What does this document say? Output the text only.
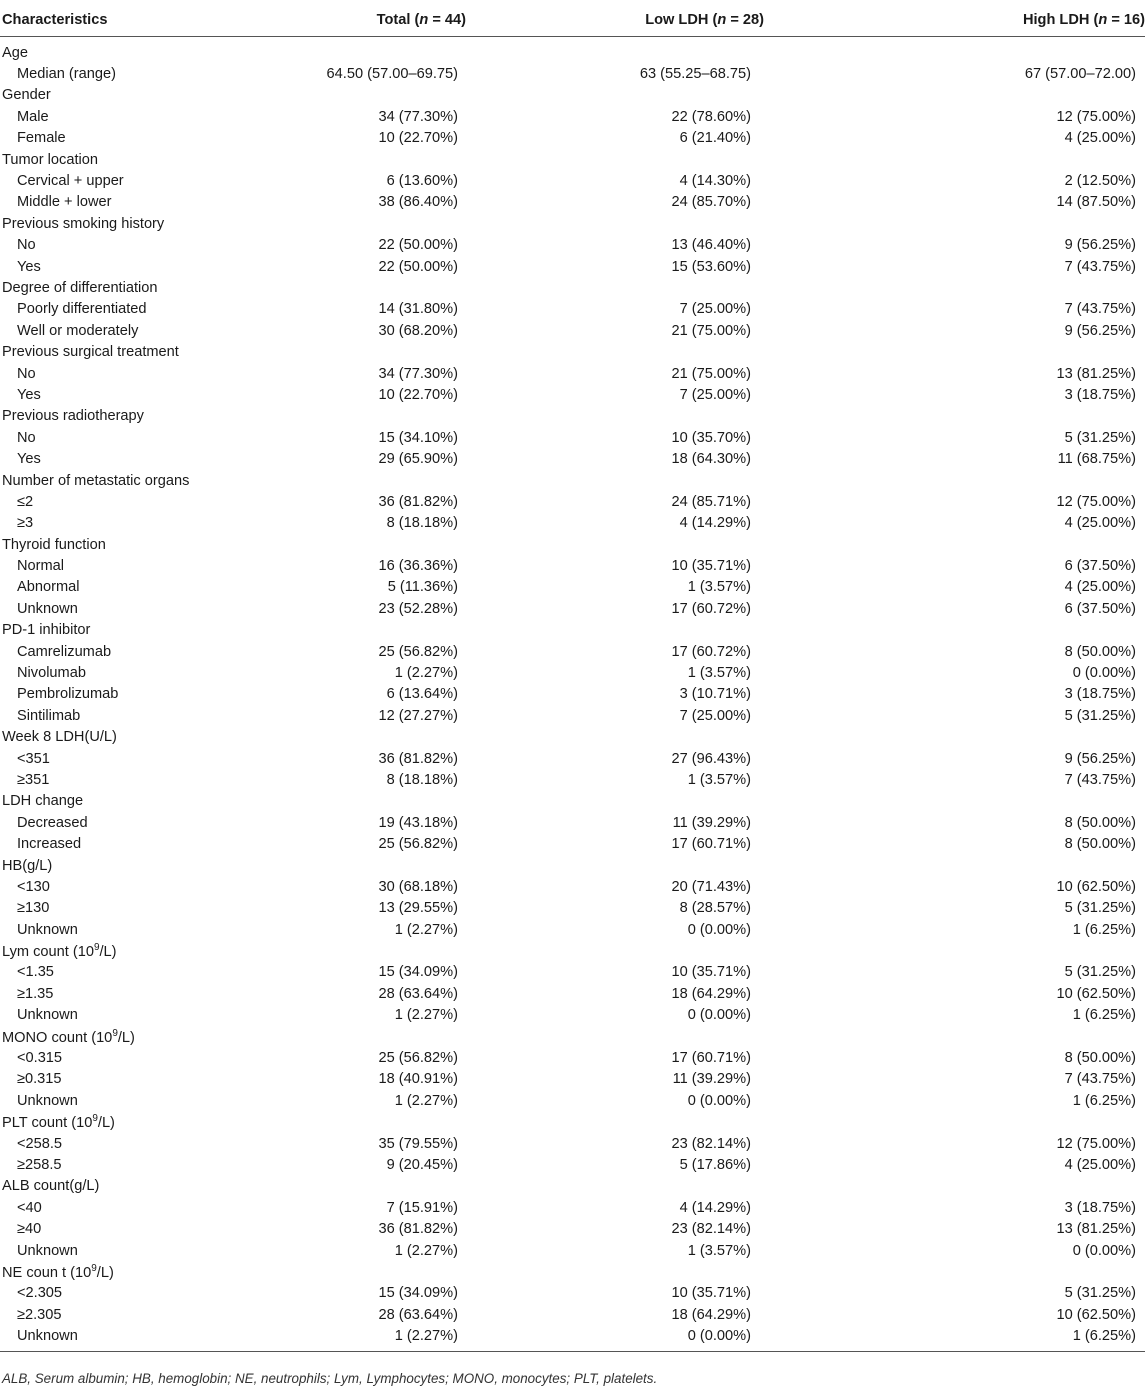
Characteristics	Total (n = 44)	Low LDH (n = 28)	High LDH (n = 16)
Age			
Median (range)	64.50 (57.00–69.75)	63 (55.25–68.75)	67 (57.00–72.00)
Gender			
Male	34 (77.30%)	22 (78.60%)	12 (75.00%)
Female	10 (22.70%)	6 (21.40%)	4 (25.00%)
Tumor location			
Cervical + upper	6 (13.60%)	4 (14.30%)	2 (12.50%)
Middle + lower	38 (86.40%)	24 (85.70%)	14 (87.50%)
Previous smoking history			
No	22 (50.00%)	13 (46.40%)	9 (56.25%)
Yes	22 (50.00%)	15 (53.60%)	7 (43.75%)
Degree of differentiation			
Poorly differentiated	14 (31.80%)	7 (25.00%)	7 (43.75%)
Well or moderately	30 (68.20%)	21 (75.00%)	9 (56.25%)
Previous surgical treatment			
No	34 (77.30%)	21 (75.00%)	13 (81.25%)
Yes	10 (22.70%)	7 (25.00%)	3 (18.75%)
Previous radiotherapy			
No	15 (34.10%)	10 (35.70%)	5 (31.25%)
Yes	29 (65.90%)	18 (64.30%)	11 (68.75%)
Number of metastatic organs			
≤2	36 (81.82%)	24 (85.71%)	12 (75.00%)
≥3	8 (18.18%)	4 (14.29%)	4 (25.00%)
Thyroid function			
Normal	16 (36.36%)	10 (35.71%)	6 (37.50%)
Abnormal	5 (11.36%)	1 (3.57%)	4 (25.00%)
Unknown	23 (52.28%)	17 (60.72%)	6 (37.50%)
PD-1 inhibitor			
Camrelizumab	25 (56.82%)	17 (60.72%)	8 (50.00%)
Nivolumab	1 (2.27%)	1 (3.57%)	0 (0.00%)
Pembrolizumab	6 (13.64%)	3 (10.71%)	3 (18.75%)
Sintilimab	12 (27.27%)	7 (25.00%)	5 (31.25%)
Week 8 LDH(U/L)			
<351	36 (81.82%)	27 (96.43%)	9 (56.25%)
≥351	8 (18.18%)	1 (3.57%)	7 (43.75%)
LDH change			
Decreased	19 (43.18%)	11 (39.29%)	8 (50.00%)
Increased	25 (56.82%)	17 (60.71%)	8 (50.00%)
HB(g/L)			
<130	30 (68.18%)	20 (71.43%)	10 (62.50%)
≥130	13 (29.55%)	8 (28.57%)	5 (31.25%)
Unknown	1 (2.27%)	0 (0.00%)	1 (6.25%)
Lym count $(10^9/L)$			
<1.35	15 (34.09%)	10 (35.71%)	5 (31.25%)
≥1.35	28 (63.64%)	18 (64.29%)	10 (62.50%)
Unknown	1 (2.27%)	0 (0.00%)	1 (6.25%)
MONO count $(10^9/L)$			
<0.315	25 (56.82%)	17 (60.71%)	8 (50.00%)
≥0.315	18 (40.91%)	11 (39.29%)	7 (43.75%)
Unknown	1 (2.27%)	0 (0.00%)	1 (6.25%)
PLT count $(10^9/L)$			
<258.5	35 (79.55%)	23 (82.14%)	12 (75.00%)
≥258.5	9 (20.45%)	5 (17.86%)	4 (25.00%)
ALB count(g/L)			
<40	7 (15.91%)	4 (14.29%)	3 (18.75%)
≥40	36 (81.82%)	23 (82.14%)	13 (81.25%)
Unknown	1 (2.27%)	1 (3.57%)	0 (0.00%)
NE coun t $(10^9/L)$			
<2.305	15 (34.09%)	10 (35.71%)	5 (31.25%)
≥2.305	28 (63.64%)	18 (64.29%)	10 (62.50%)
Unknown	1 (2.27%)	0 (0.00%)	1 (6.25%)
ALB, Serum albumin; HB, hemoglobin; NE, neutrophils; Lym, Lymphocytes; MONO, monocytes; PLT, platelets.
